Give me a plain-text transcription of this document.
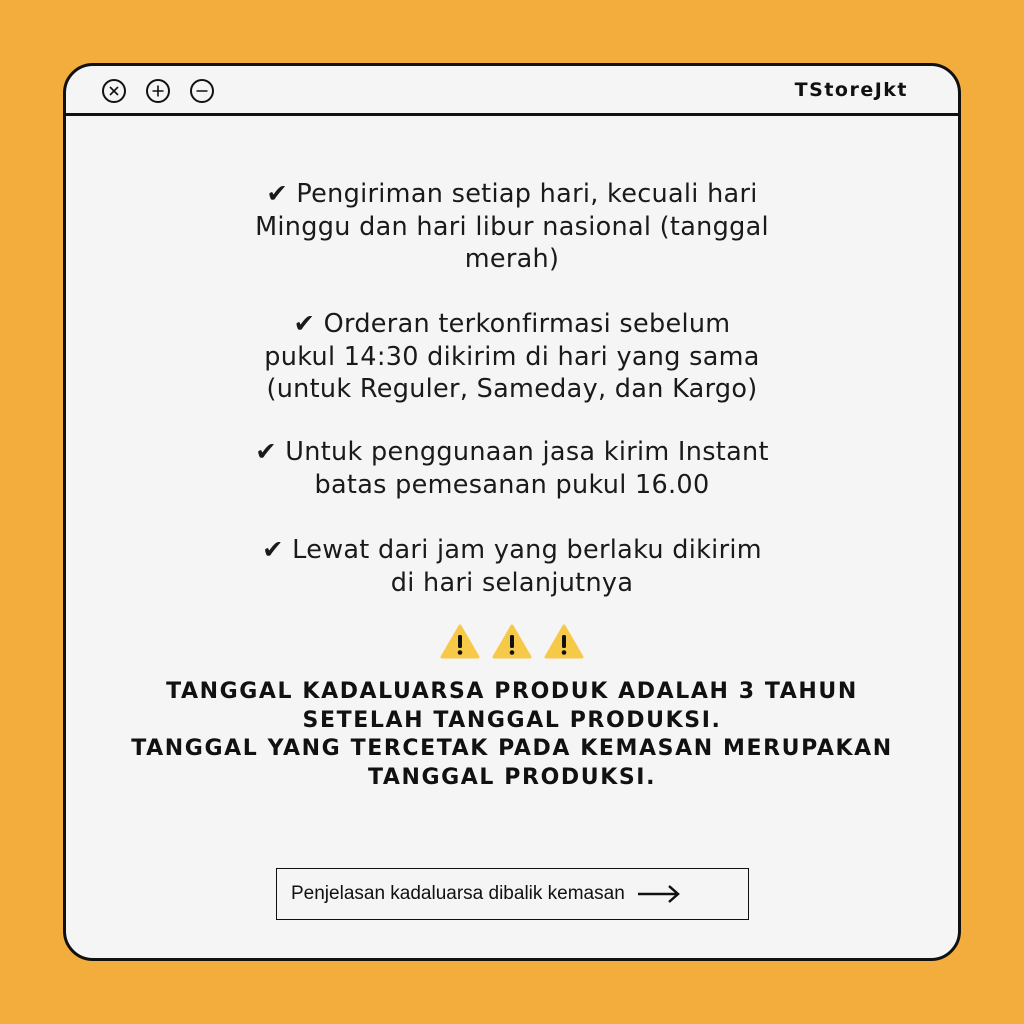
TStoreJkt
✔ Pengiriman setiap hari, kecuali hari
Minggu dan hari libur nasional (tanggal
merah)
✔ Orderan terkonfirmasi sebelum
pukul 14:30 dikirim di hari yang sama
(untuk Reguler, Sameday, dan Kargo)
✔ Untuk penggunaan jasa kirim Instant
batas pemesanan pukul 16.00
✔ Lewat dari jam yang berlaku dikirim
di hari selanjutnya

TANGGAL KADALUARSA PRODUK ADALAH 3 TAHUN
SETELAH TANGGAL PRODUKSI.
TANGGAL YANG TERCETAK PADA KEMASAN MERUPAKAN
TANGGAL PRODUKSI.
Penjelasan kadaluarsa dibalik kemasan
